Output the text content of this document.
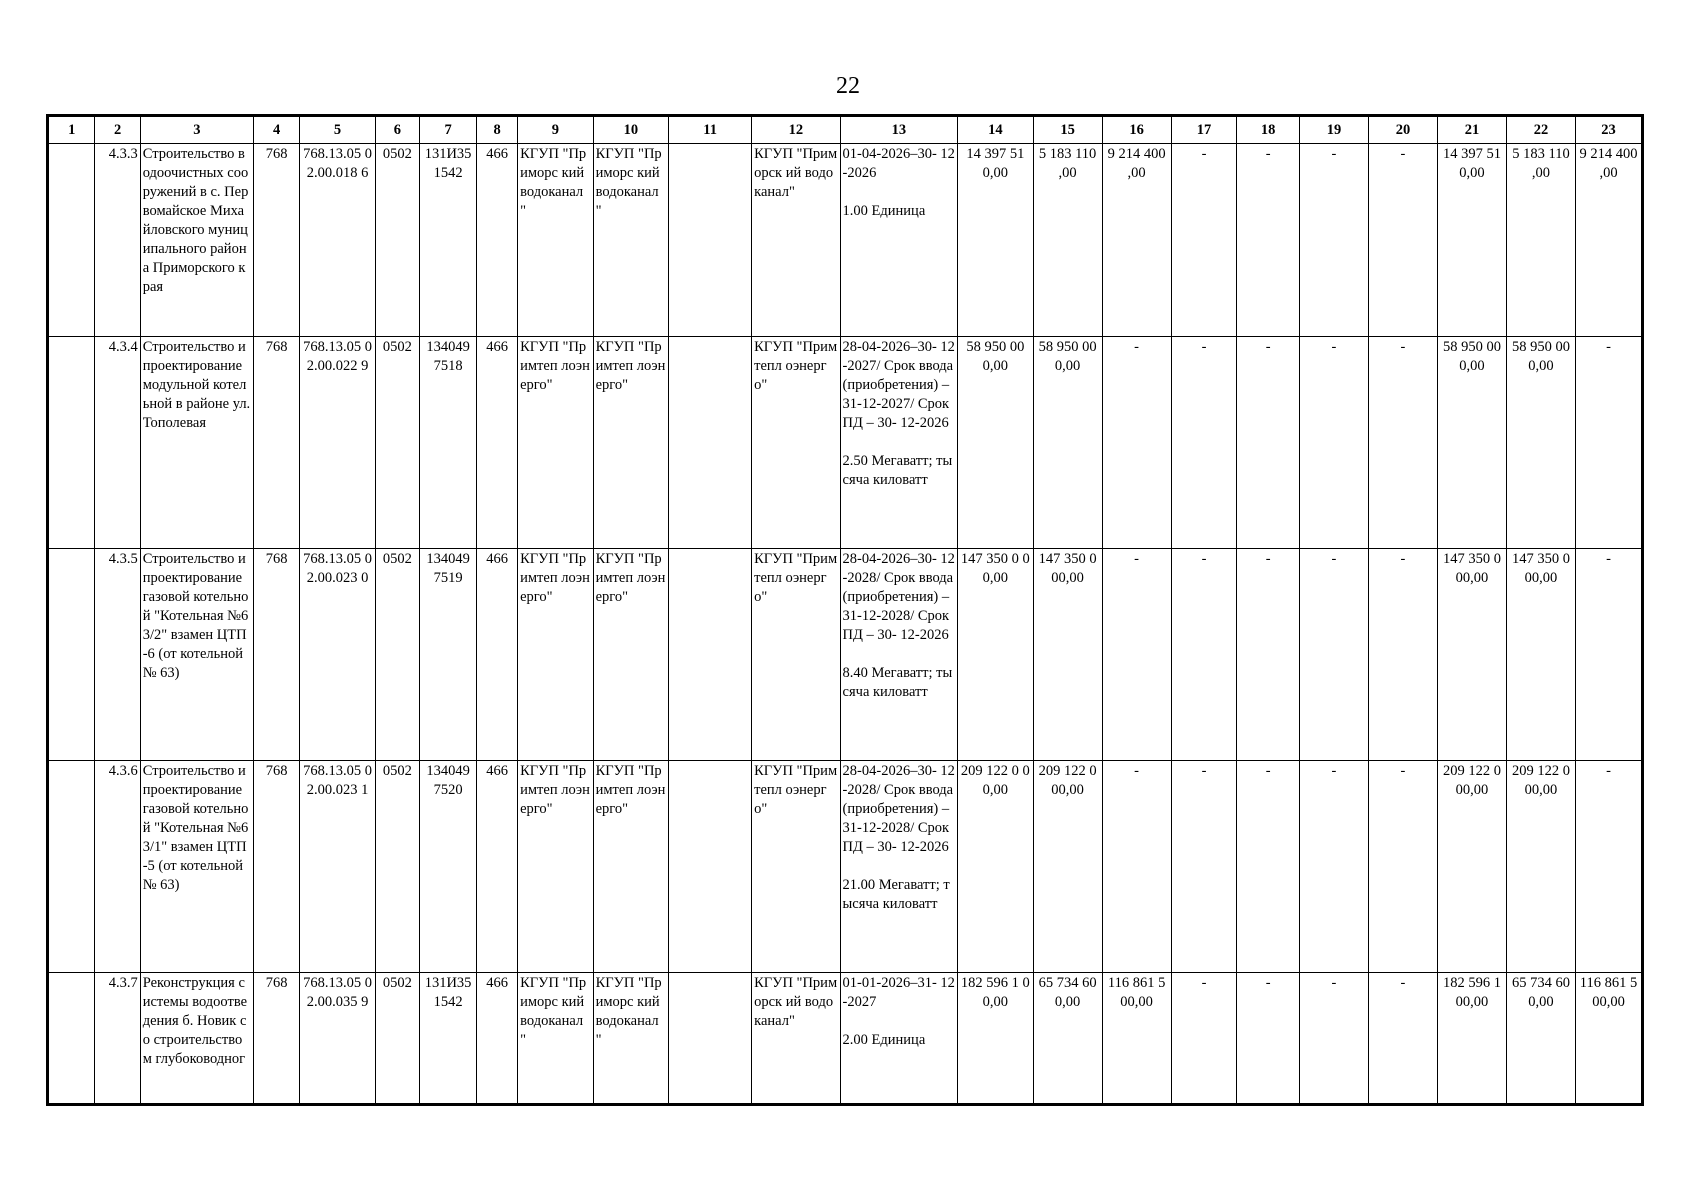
22
1	2	3	4	5	6	7	8	9	10	11	12	13	14	15	16	17	18	19	20	21	22	23
	4.3.3	Строительство водоочистных сооружений в с. Первомайское Михайловского муниципального района Приморского края	768	768.13.05 02.00.018 6	0502	131И35 1542	466	КГУП "Приморс кий водоканал "	КГУП "Приморс кий водоканал "		КГУП "Приморск ий водоканал"	01-04-2026–30- 12-2026

1.00 Единица	14 397 51 0,00	5 183 110 ,00	9 214 400 ,00	-	-	-	-	14 397 51 0,00	5 183 110 ,00	9 214 400 ,00
	4.3.4	Строительство и проектирование модульной котельной в районе ул. Тополевая	768	768.13.05 02.00.022 9	0502	134049 7518	466	КГУП "Примтеп лоэнерго"	КГУП "Примтеп лоэнерго"		КГУП "Примтепл оэнерго"	28-04-2026–30- 12-2027/ Срок ввода (приобретения) – 31-12-2027/ Срок ПД – 30- 12-2026

2.50 Мегаватт; тысяча киловатт	58 950 00 0,00	58 950 00 0,00	-	-	-	-	-	58 950 00 0,00	58 950 00 0,00	-
	4.3.5	Строительство и проектирование газовой котельной "Котельная №63/2" взамен ЦТП-6 (от котельной № 63)	768	768.13.05 02.00.023 0	0502	134049 7519	466	КГУП "Примтеп лоэнерго"	КГУП "Примтеп лоэнерго"		КГУП "Примтепл оэнерго"	28-04-2026–30- 12-2028/ Срок ввода (приобретения) – 31-12-2028/ Срок ПД – 30- 12-2026

8.40 Мегаватт; тысяча киловатт	147 350 0 00,00	147 350 0 00,00	-	-	-	-	-	147 350 0 00,00	147 350 0 00,00	-
	4.3.6	Строительство и проектирование газовой котельной "Котельная №63/1" взамен ЦТП-5 (от котельной № 63)	768	768.13.05 02.00.023 1	0502	134049 7520	466	КГУП "Примтеп лоэнерго"	КГУП "Примтеп лоэнерго"		КГУП "Примтепл оэнерго"	28-04-2026–30- 12-2028/ Срок ввода (приобретения) – 31-12-2028/ Срок ПД – 30- 12-2026

21.00 Мегаватт; тысяча киловатт	209 122 0 00,00	209 122 0 00,00	-	-	-	-	-	209 122 0 00,00	209 122 0 00,00	-
	4.3.7	Реконструкция системы водоотведения б. Новик со строительством глубоководног	768	768.13.05 02.00.035 9	0502	131И35 1542	466	КГУП "Приморс кий водоканал "	КГУП "Приморс кий водоканал "		КГУП "Приморск ий водоканал"	01-01-2026–31- 12-2027

2.00 Единица	182 596 1 00,00	65 734 60 0,00	116 861 5 00,00	-	-	-	-	182 596 1 00,00	65 734 60 0,00	116 861 5 00,00
